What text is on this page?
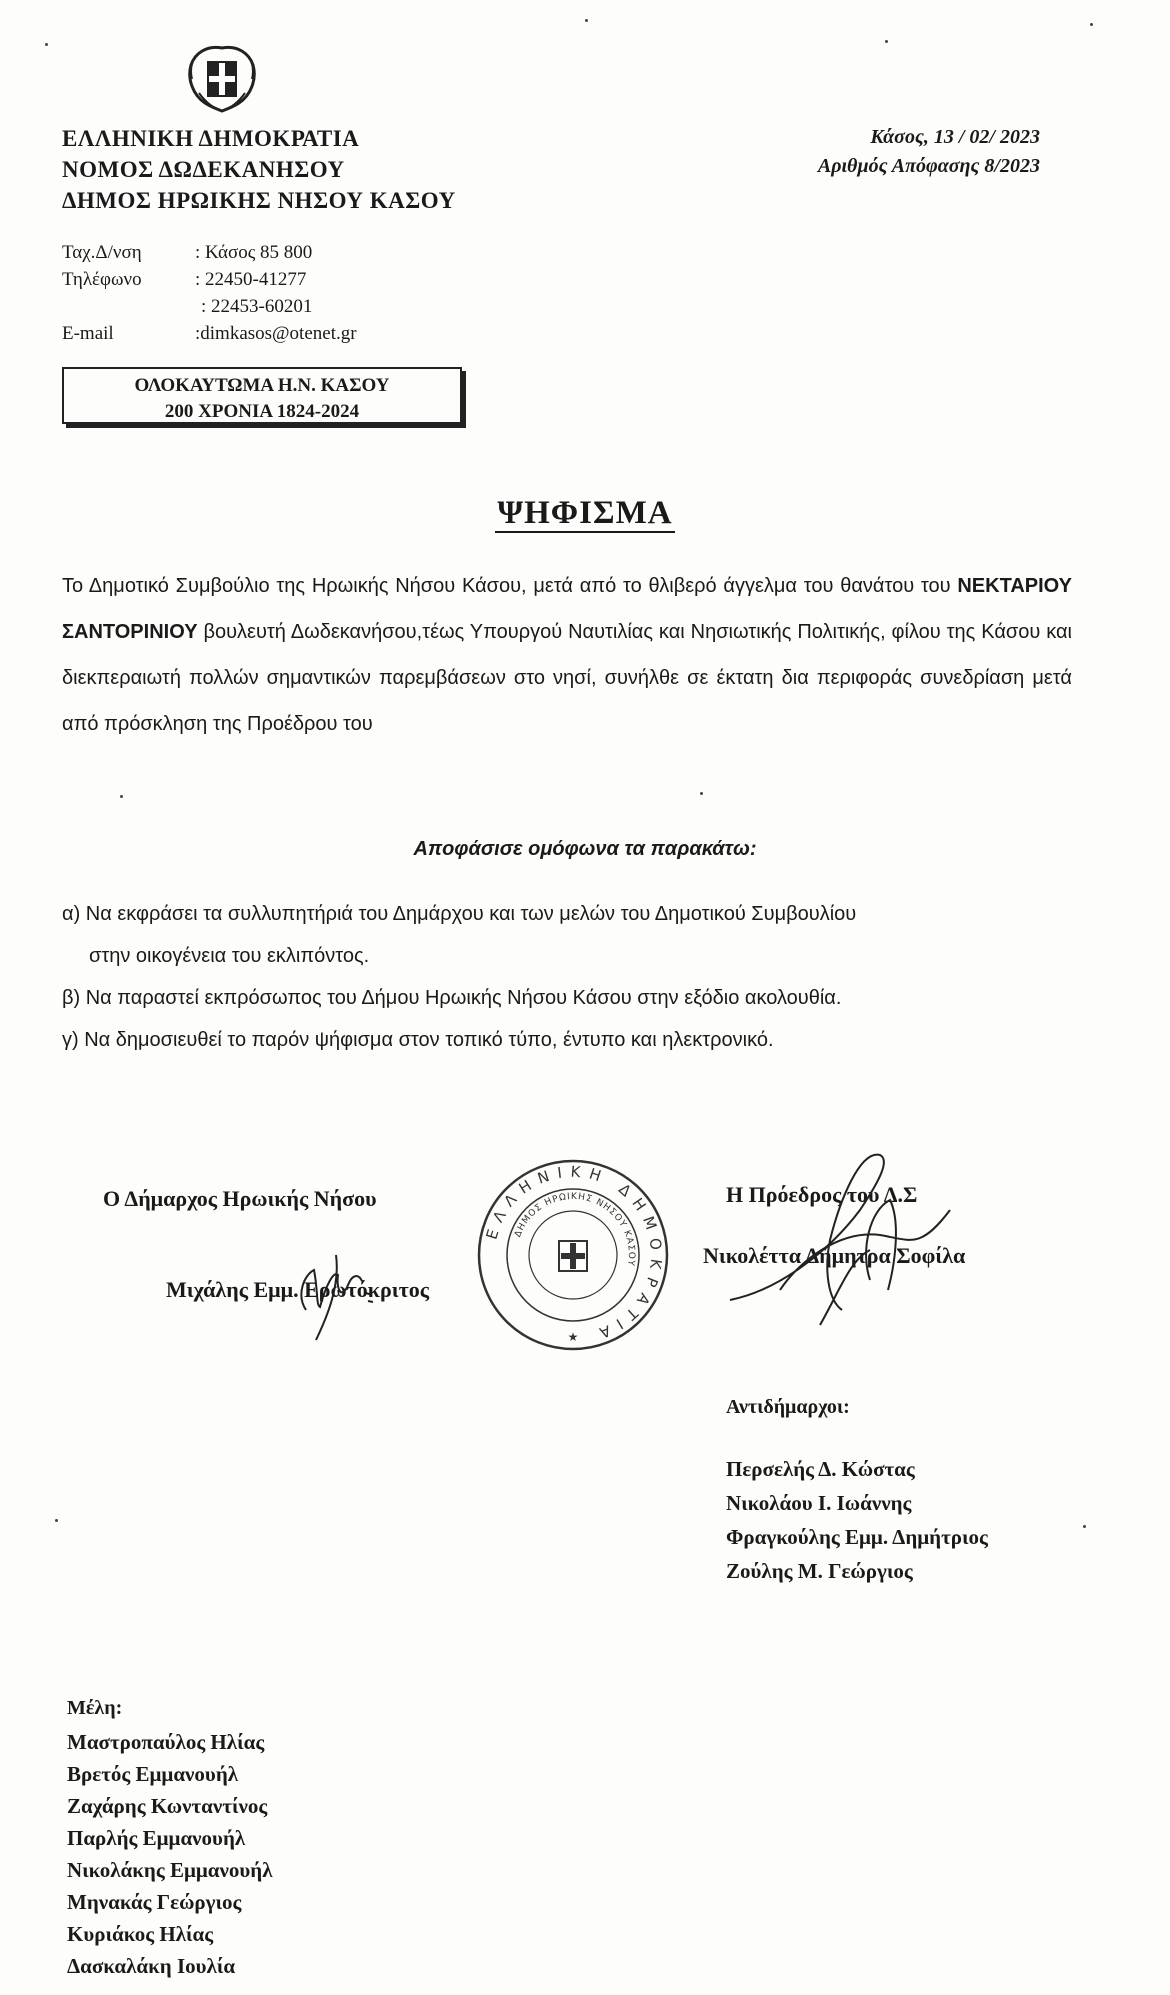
ΕΛΛΗΝΙΚΗ ΔΗΜΟΚΡΑΤΙΑ
ΝΟΜΟΣ ΔΩΔΕΚΑΝΗΣΟΥ
ΔΗΜΟΣ ΗΡΩΙΚΗΣ ΝΗΣΟΥ ΚΑΣΟΥ
Κάσος, 13 / 02/ 2023
Αριθμός Απόφασης 8/2023
Ταχ.Δ/νση	: Κάσος 85 800
Τηλέφωνο	: 22450-41277
: 22453-60201
E-mail	:dimkasos@otenet.gr
ΟΛΟΚΑΥΤΩΜΑ Η.Ν. ΚΑΣΟΥ
200 ΧΡΟΝΙΑ 1824-2024
ΨΗΦΙΣΜΑ
Το Δημοτικό Συμβούλιο της Ηρωικής Νήσου Κάσου, μετά από το θλιβερό άγγελμα του θανάτου του ΝΕΚΤΑΡΙΟΥ ΣΑΝΤΟΡΙΝΙΟΥ βουλευτή Δωδεκανήσου,τέως Υπουργού Ναυτιλίας και Νησιωτικής Πολιτικής, φίλου της Κάσου και διεκπεραιωτή πολλών σημαντικών παρεμβάσεων στο νησί, συνήλθε σε έκτατη δια περιφοράς συνεδρίαση μετά από πρόσκληση της Προέδρου του
Αποφάσισε ομόφωνα τα παρακάτω:
α) Να εκφράσει τα συλλυπητήριά του Δημάρχου και των μελών του Δημοτικού Συμβουλίου
στην οικογένεια του εκλιπόντος.
β) Να παραστεί εκπρόσωπος του Δήμου Ηρωικής Νήσου Κάσου στην εξόδιο ακολουθία.
γ) Να δημοσιευθεί το παρόν ψήφισμα στον τοπικό τύπο, έντυπο και ηλεκτρονικό.
ΕΛΛΗΝΙΚΗ ΔΗΜΟΚΡΑΤΙΑ
ΔΗΜΟΣ ΗΡΩΙΚΗΣ ΝΗΣΟΥ ΚΑΣΟΥ
★
Ο Δήμαρχος Ηρωικής Νήσου
Μιχάλης Εμμ. Ερωτόκριτος
Η Πρόεδρος του Δ.Σ
Νικολέττα Δήμητρα Σοφίλα
Αντιδήμαρχοι:
Περσελής Δ. Κώστας
Νικολάου Ι. Ιωάννης
Φραγκούλης Εμμ. Δημήτριος
Ζούλης Μ. Γεώργιος
Μέλη:
Μαστροπαύλος Ηλίας
Βρετός Εμμανουήλ
Ζαχάρης Κωνταντίνος
Παρλής Εμμανουήλ
Νικολάκης Εμμανουήλ
Μηνακάς Γεώργιος
Κυριάκος Ηλίας
Δασκαλάκη Ιουλία
